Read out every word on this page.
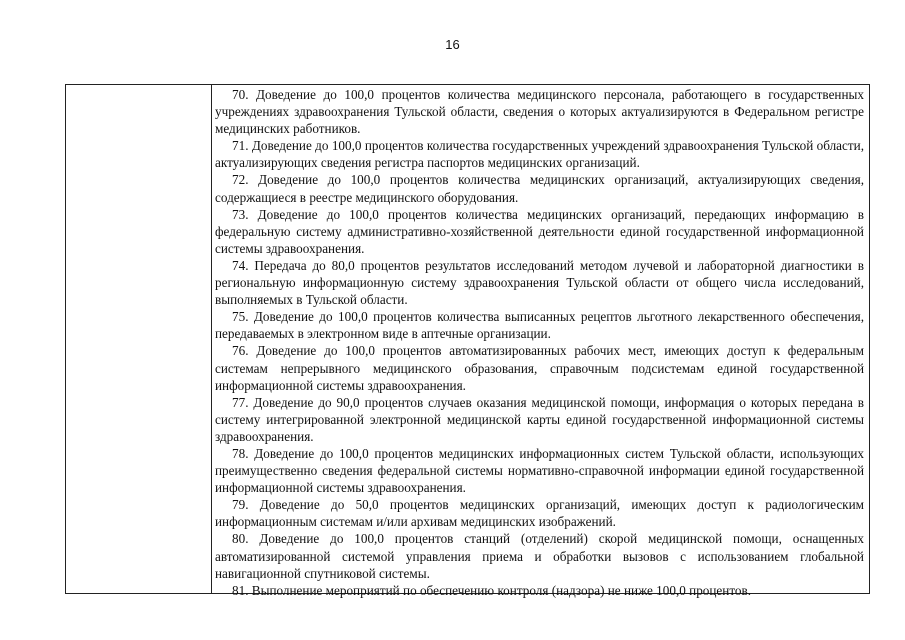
16

70. Доведение до 100,0 процентов количества медицинского персонала, работающего в государственных учреждениях здравоохранения Тульской области, сведения о которых актуализируются в Федеральном регистре медицинских работников.

71. Доведение до 100,0 процентов количества государственных учреждений здравоохранения Тульской области, актуализирующих сведения регистра паспортов медицинских организаций.

72. Доведение до 100,0 процентов количества медицинских организаций, актуализирующих сведения, содержащиеся в реестре медицинского оборудования.

73. Доведение до 100,0 процентов количества медицинских организаций, передающих информацию в федеральную систему административно-хозяйственной деятельности единой государственной информационной системы здравоохранения.

74. Передача до 80,0 процентов результатов исследований методом лучевой и лабораторной диагностики в региональную информационную систему здравоохранения Тульской области от общего числа исследований, выполняемых в Тульской области.

75. Доведение до 100,0 процентов количества выписанных рецептов льготного лекарственного обеспечения, передаваемых в электронном виде в аптечные организации.

76. Доведение до 100,0 процентов автоматизированных рабочих мест, имеющих доступ к федеральным системам непрерывного медицинского образования, справочным подсистемам единой государственной информационной системы здравоохранения.

77. Доведение до 90,0 процентов случаев оказания медицинской помощи, информация о которых передана в систему интегрированной электронной медицинской карты единой государственной информационной системы здравоохранения.

78. Доведение до 100,0 процентов медицинских информационных систем Тульской области, использующих преимущественно сведения федеральной системы нормативно-справочной информации единой государственной информационной системы здравоохранения.

79. Доведение до 50,0 процентов медицинских организаций, имеющих доступ к радиологическим информационным системам и/или архивам медицинских изображений.

80. Доведение до 100,0 процентов станций (отделений) скорой медицинской помощи, оснащенных автоматизированной системой управления приема и обработки вызовов с использованием глобальной навигационной спутниковой системы.

81. Выполнение мероприятий по обеспечению контроля (надзора) не ниже 100,0 процентов.
